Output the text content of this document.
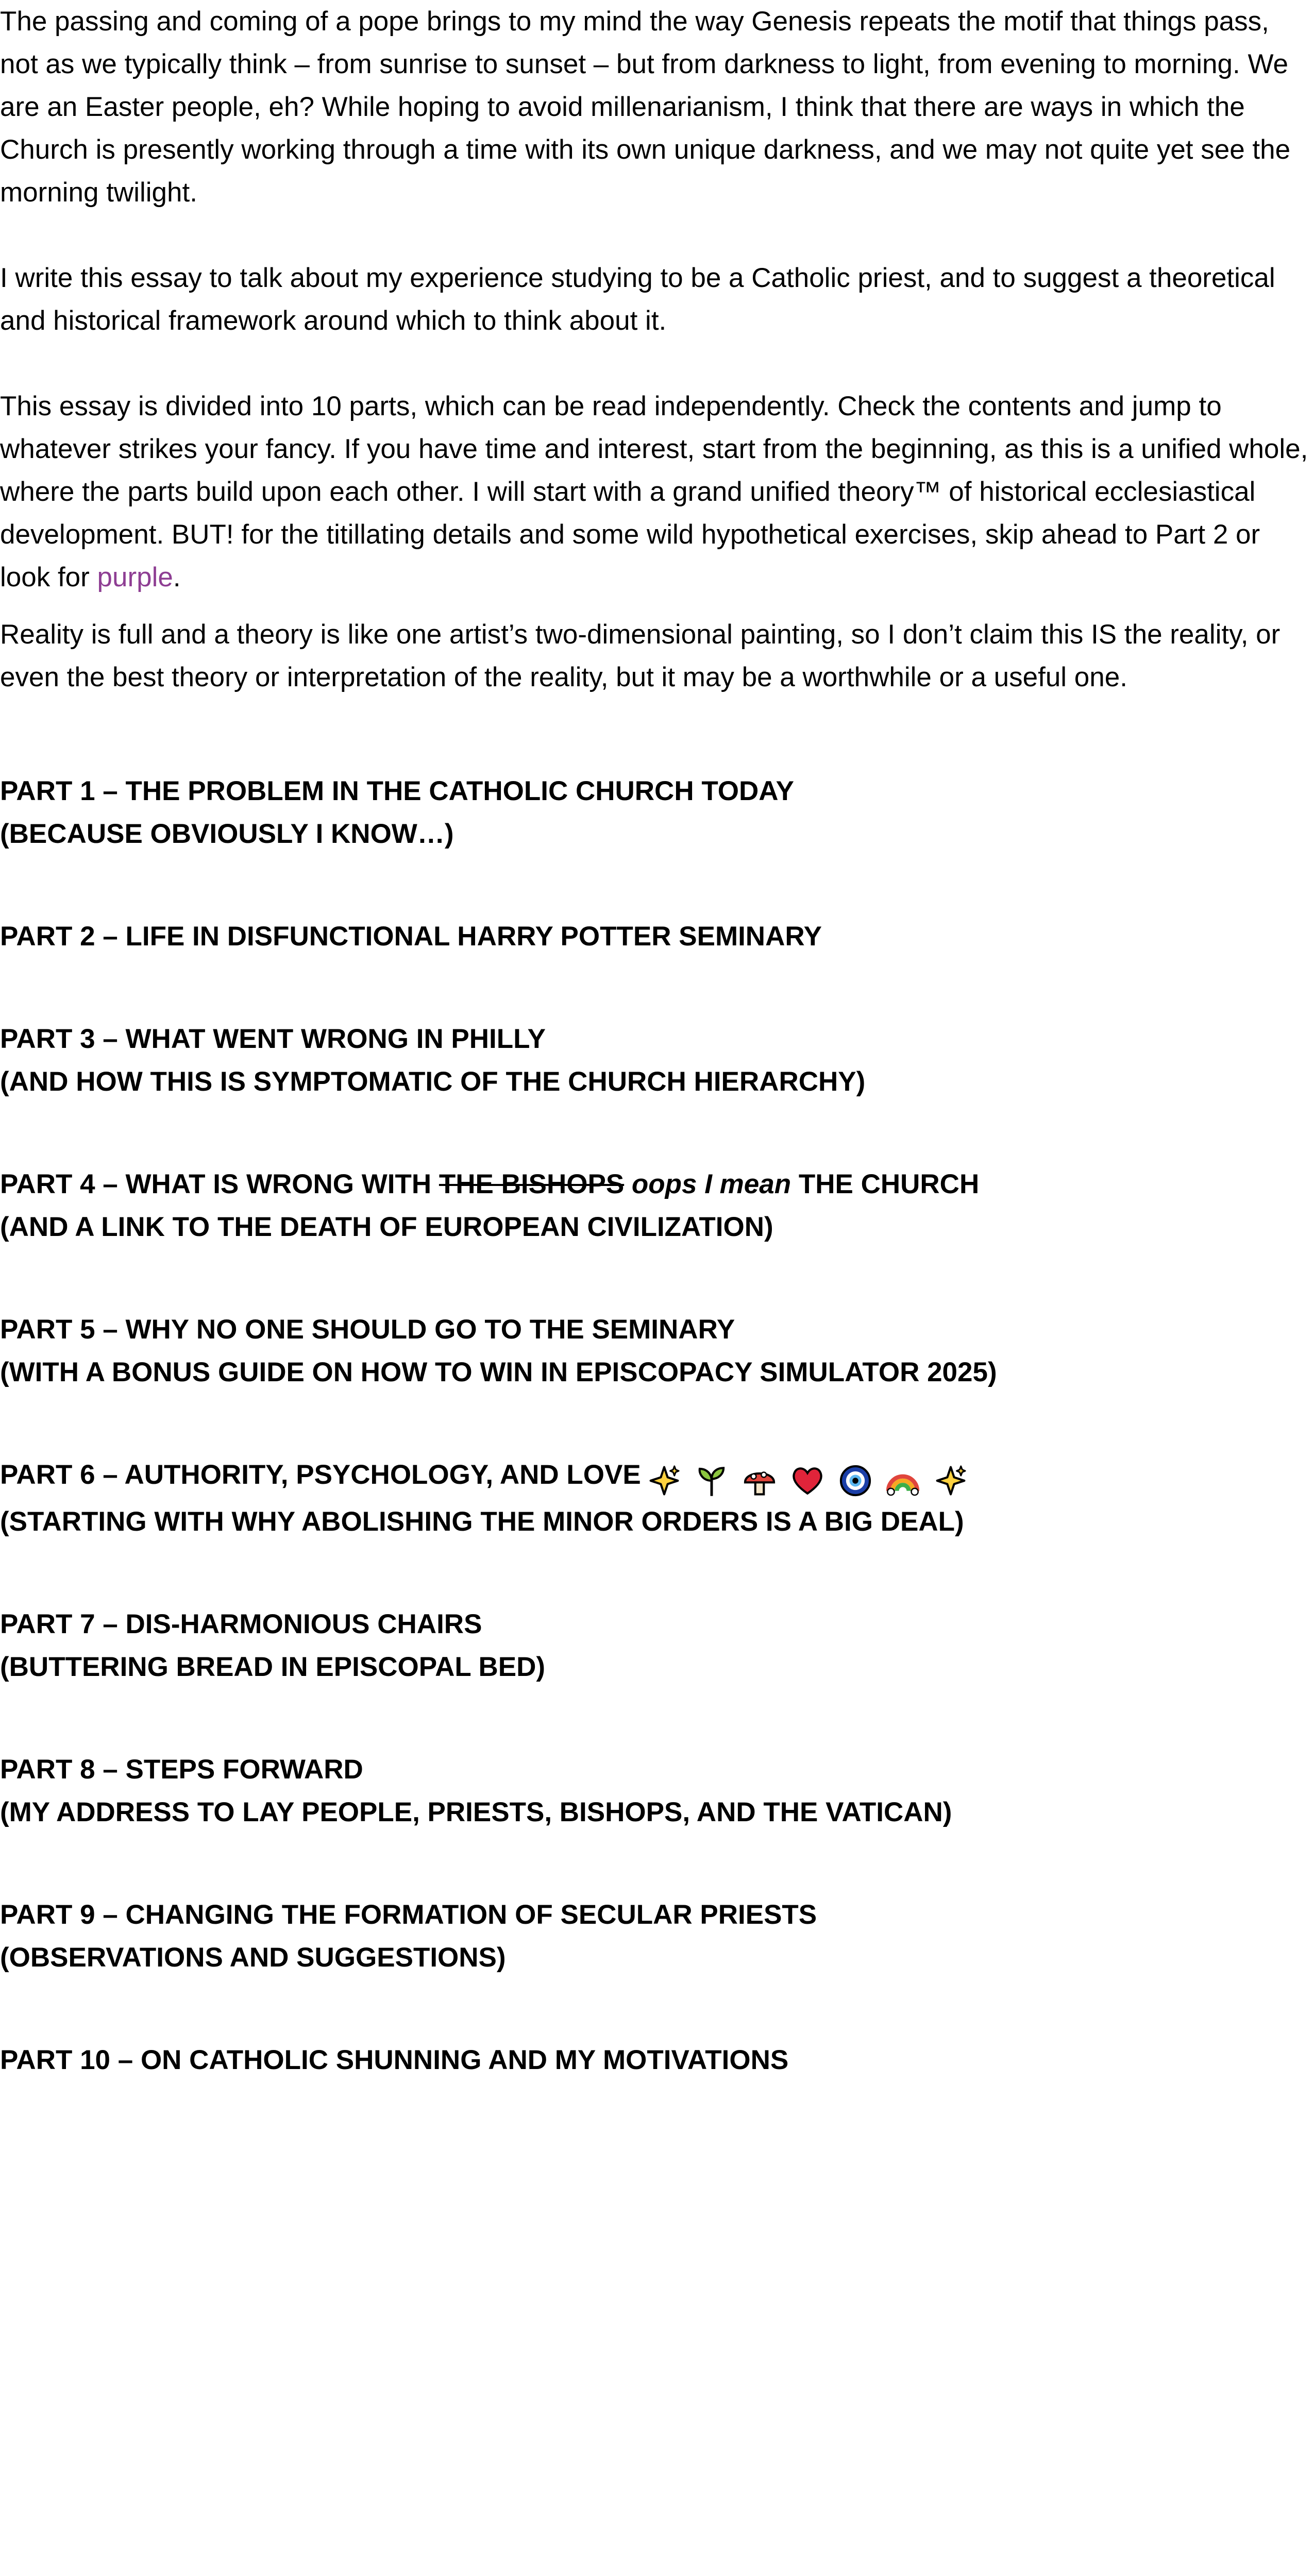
The passing and coming of a pope brings to my mind the way Genesis repeats the motif that things pass, not as we typically think – from sunrise to sunset – but from darkness to light, from evening to morning. We are an Easter people, eh? While hoping to avoid millenarianism, I think that there are ways in which the Church is presently working through a time with its own unique darkness, and we may not quite yet see the morning twilight.

I write this essay to talk about my experience studying to be a Catholic priest, and to suggest a theoretical and historical framework around which to think about it.

This essay is divided into 10 parts, which can be read independently. Check the contents and jump to whatever strikes your fancy. If you have time and interest, start from the beginning, as this is a unified whole, where the parts build upon each other. I will start with a grand unified theory™ of historical ecclesiastical development. BUT! for the titillating details and some wild hypothetical exercises, skip ahead to Part 2 or look for purple.

Reality is full and a theory is like one artist’s two-dimensional painting, so I don’t claim this IS the reality, or even the best theory or interpretation of the reality, but it may be a worthwhile or a useful one.

PART 1 – THE PROBLEM IN THE CATHOLIC CHURCH TODAY
(BECAUSE OBVIOUSLY I KNOW…)
PART 2 – LIFE IN DISFUNCTIONAL HARRY POTTER SEMINARY
PART 3 – WHAT WENT WRONG IN PHILLY
(AND HOW THIS IS SYMPTOMATIC OF THE CHURCH HIERARCHY)
PART 4 – WHAT IS WRONG WITH THE BISHOPS oops I mean THE CHURCH
(AND A LINK TO THE DEATH OF EUROPEAN CIVILIZATION)
PART 5 – WHY NO ONE SHOULD GO TO THE SEMINARY
(WITH A BONUS GUIDE ON HOW TO WIN IN EPISCOPACY SIMULATOR 2025)
PART 6 – AUTHORITY, PSYCHOLOGY, AND LOVE
(STARTING WITH WHY ABOLISHING THE MINOR ORDERS IS A BIG DEAL)
PART 7 – DIS-HARMONIOUS CHAIRS
(BUTTERING BREAD IN EPISCOPAL BED)
PART 8 – STEPS FORWARD
(MY ADDRESS TO LAY PEOPLE, PRIESTS, BISHOPS, AND THE VATICAN)
PART 9 – CHANGING THE FORMATION OF SECULAR PRIESTS
(OBSERVATIONS AND SUGGESTIONS)
PART 10 – ON CATHOLIC SHUNNING AND MY MOTIVATIONS
